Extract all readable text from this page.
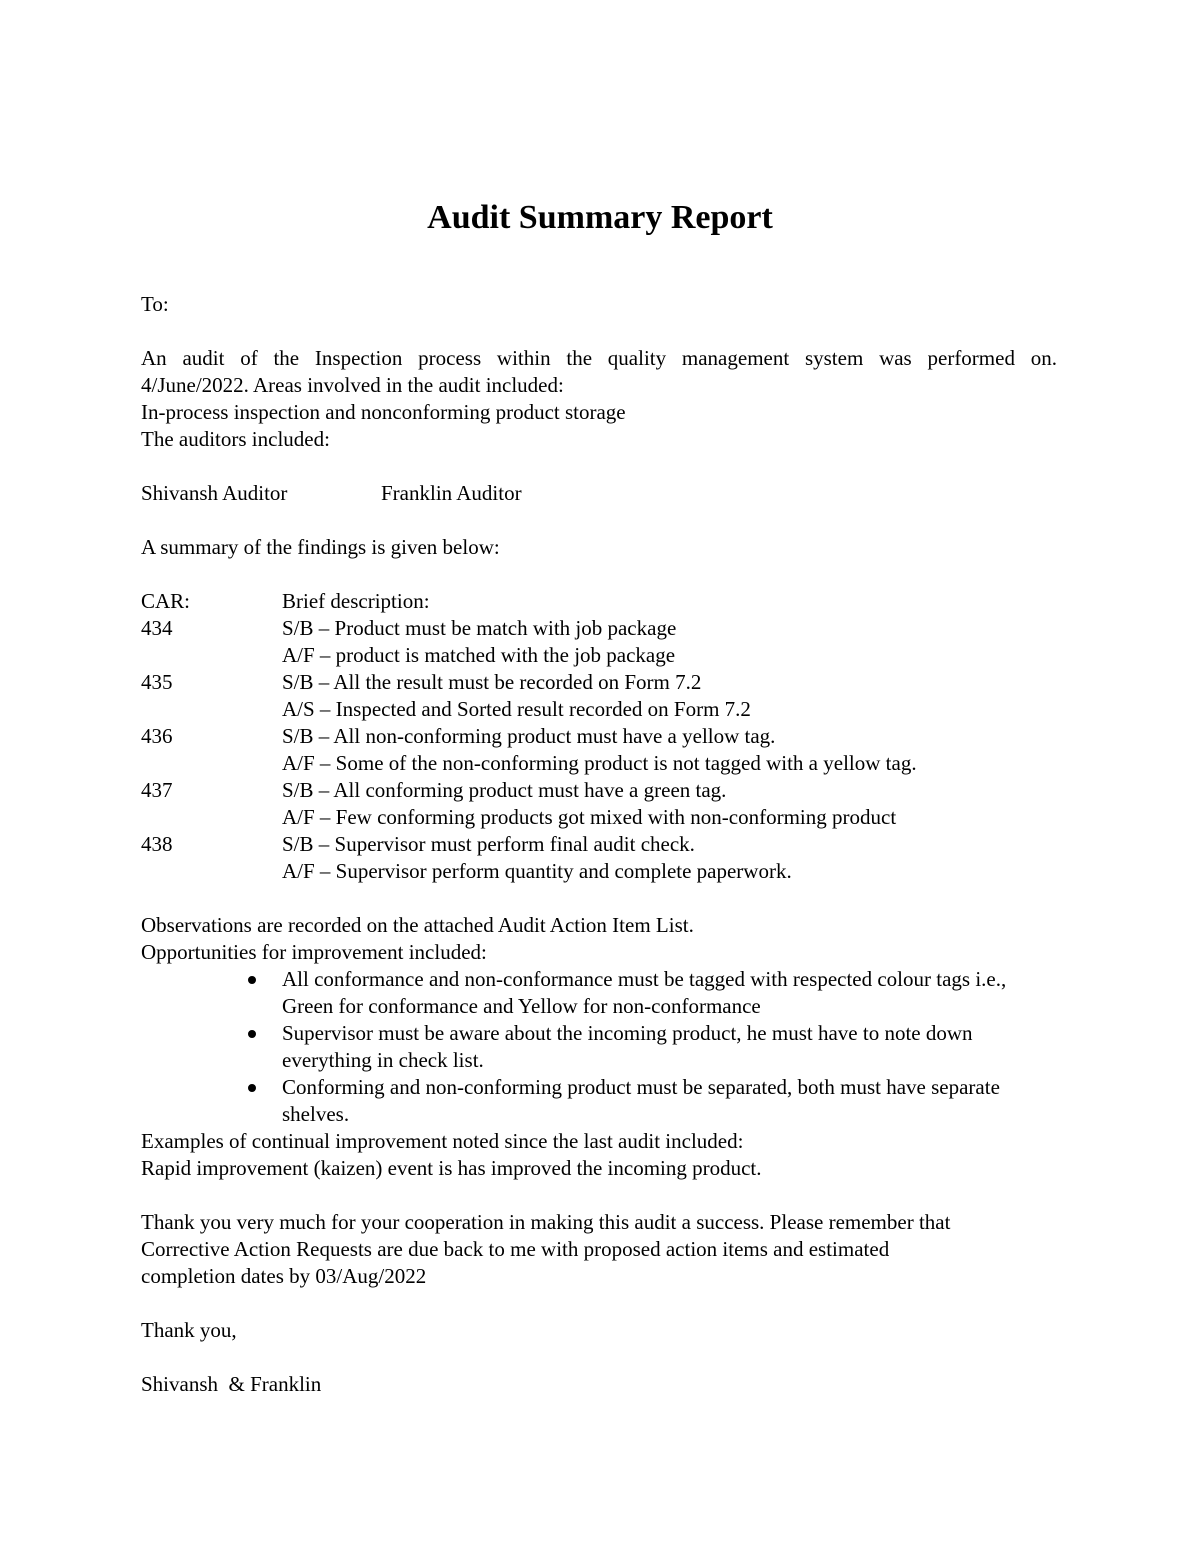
Audit Summary Report
To:
An audit of the Inspection process within the quality management system was performed on.
4/June/2022. Areas involved in the audit included:
In-process inspection and nonconforming product storage
The auditors included:
Shivansh Auditor	Franklin Auditor
A summary of the findings is given below:
CAR:	Brief description:
434	S/B – Product must be match with job package
A/F – product is matched with the job package
435	S/B – All the result must be recorded on Form 7.2
A/S – Inspected and Sorted result recorded on Form 7.2
436	S/B – All non-conforming product must have a yellow tag.
A/F – Some of the non-conforming product is not tagged with a yellow tag.
437	S/B – All conforming product must have a green tag.
A/F – Few conforming products got mixed with non-conforming product
438	S/B – Supervisor must perform final audit check.
A/F – Supervisor perform quantity and complete paperwork.
Observations are recorded on the attached Audit Action Item List.
Opportunities for improvement included:
All conformance and non-conformance must be tagged with respected colour tags i.e., Green for conformance and Yellow for non-conformance
Supervisor must be aware about the incoming product, he must have to note down everything in check list.
Conforming and non-conforming product must be separated, both must have separate shelves.
Examples of continual improvement noted since the last audit included:
Rapid improvement (kaizen) event is has improved the incoming product.
Thank you very much for your cooperation in making this audit a success. Please remember that
Corrective Action Requests are due back to me with proposed action items and estimated
completion dates by 03/Aug/2022
Thank you,
Shivansh  & Franklin
